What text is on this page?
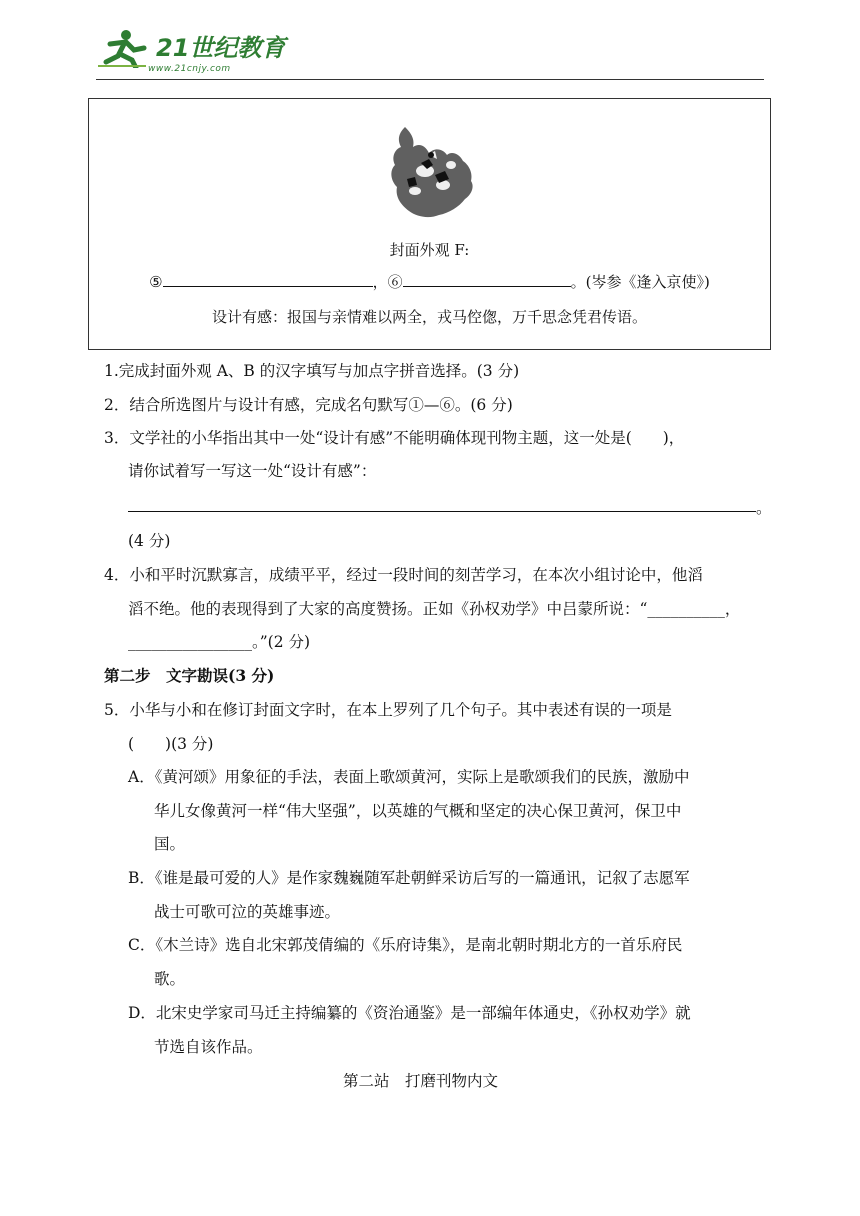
21世纪教育
www.21cnjy.com
封面外观 F:
⑤	，⑥	。(岑参《逢入京使》)
设计有感：报国与亲情难以两全，戎马倥偬，万千思念凭君传语。
1.完成封面外观 A、B 的汉字填写与加点字拼音选择。(3 分)
2．结合所选图片与设计有感，完成名句默写①—⑥。(6 分)
3．文学社的小华指出其中一处“设计有感”不能明确体现刊物主题，这一处是(　　)，
请你试着写一写这一处“设计有感”：
。
(4 分)
4．小和平时沉默寡言，成绩平平，经过一段时间的刻苦学习，在本次小组讨论中，他滔
滔不绝。他的表现得到了大家的高度赞扬。正如《孙权劝学》中吕蒙所说：“__________，
________________。”(2 分)
第二步　文字勘误(3 分)
5．小华与小和在修订封面文字时，在本上罗列了几个句子。其中表述有误的一项是
(　　)(3 分)
A．《黄河颂》用象征的手法，表面上歌颂黄河，实际上是歌颂我们的民族，激励中
华儿女像黄河一样“伟大坚强”，以英雄的气概和坚定的决心保卫黄河，保卫中
国。
B．《谁是最可爱的人》是作家魏巍随军赴朝鲜采访后写的一篇通讯，记叙了志愿军
战士可歌可泣的英雄事迹。
C．《木兰诗》选自北宋郭茂倩编的《乐府诗集》，是南北朝时期北方的一首乐府民
歌。
D．北宋史学家司马迁主持编纂的《资治通鉴》是一部编年体通史，《孙权劝学》就
节选自该作品。
第二站　打磨刊物内文
